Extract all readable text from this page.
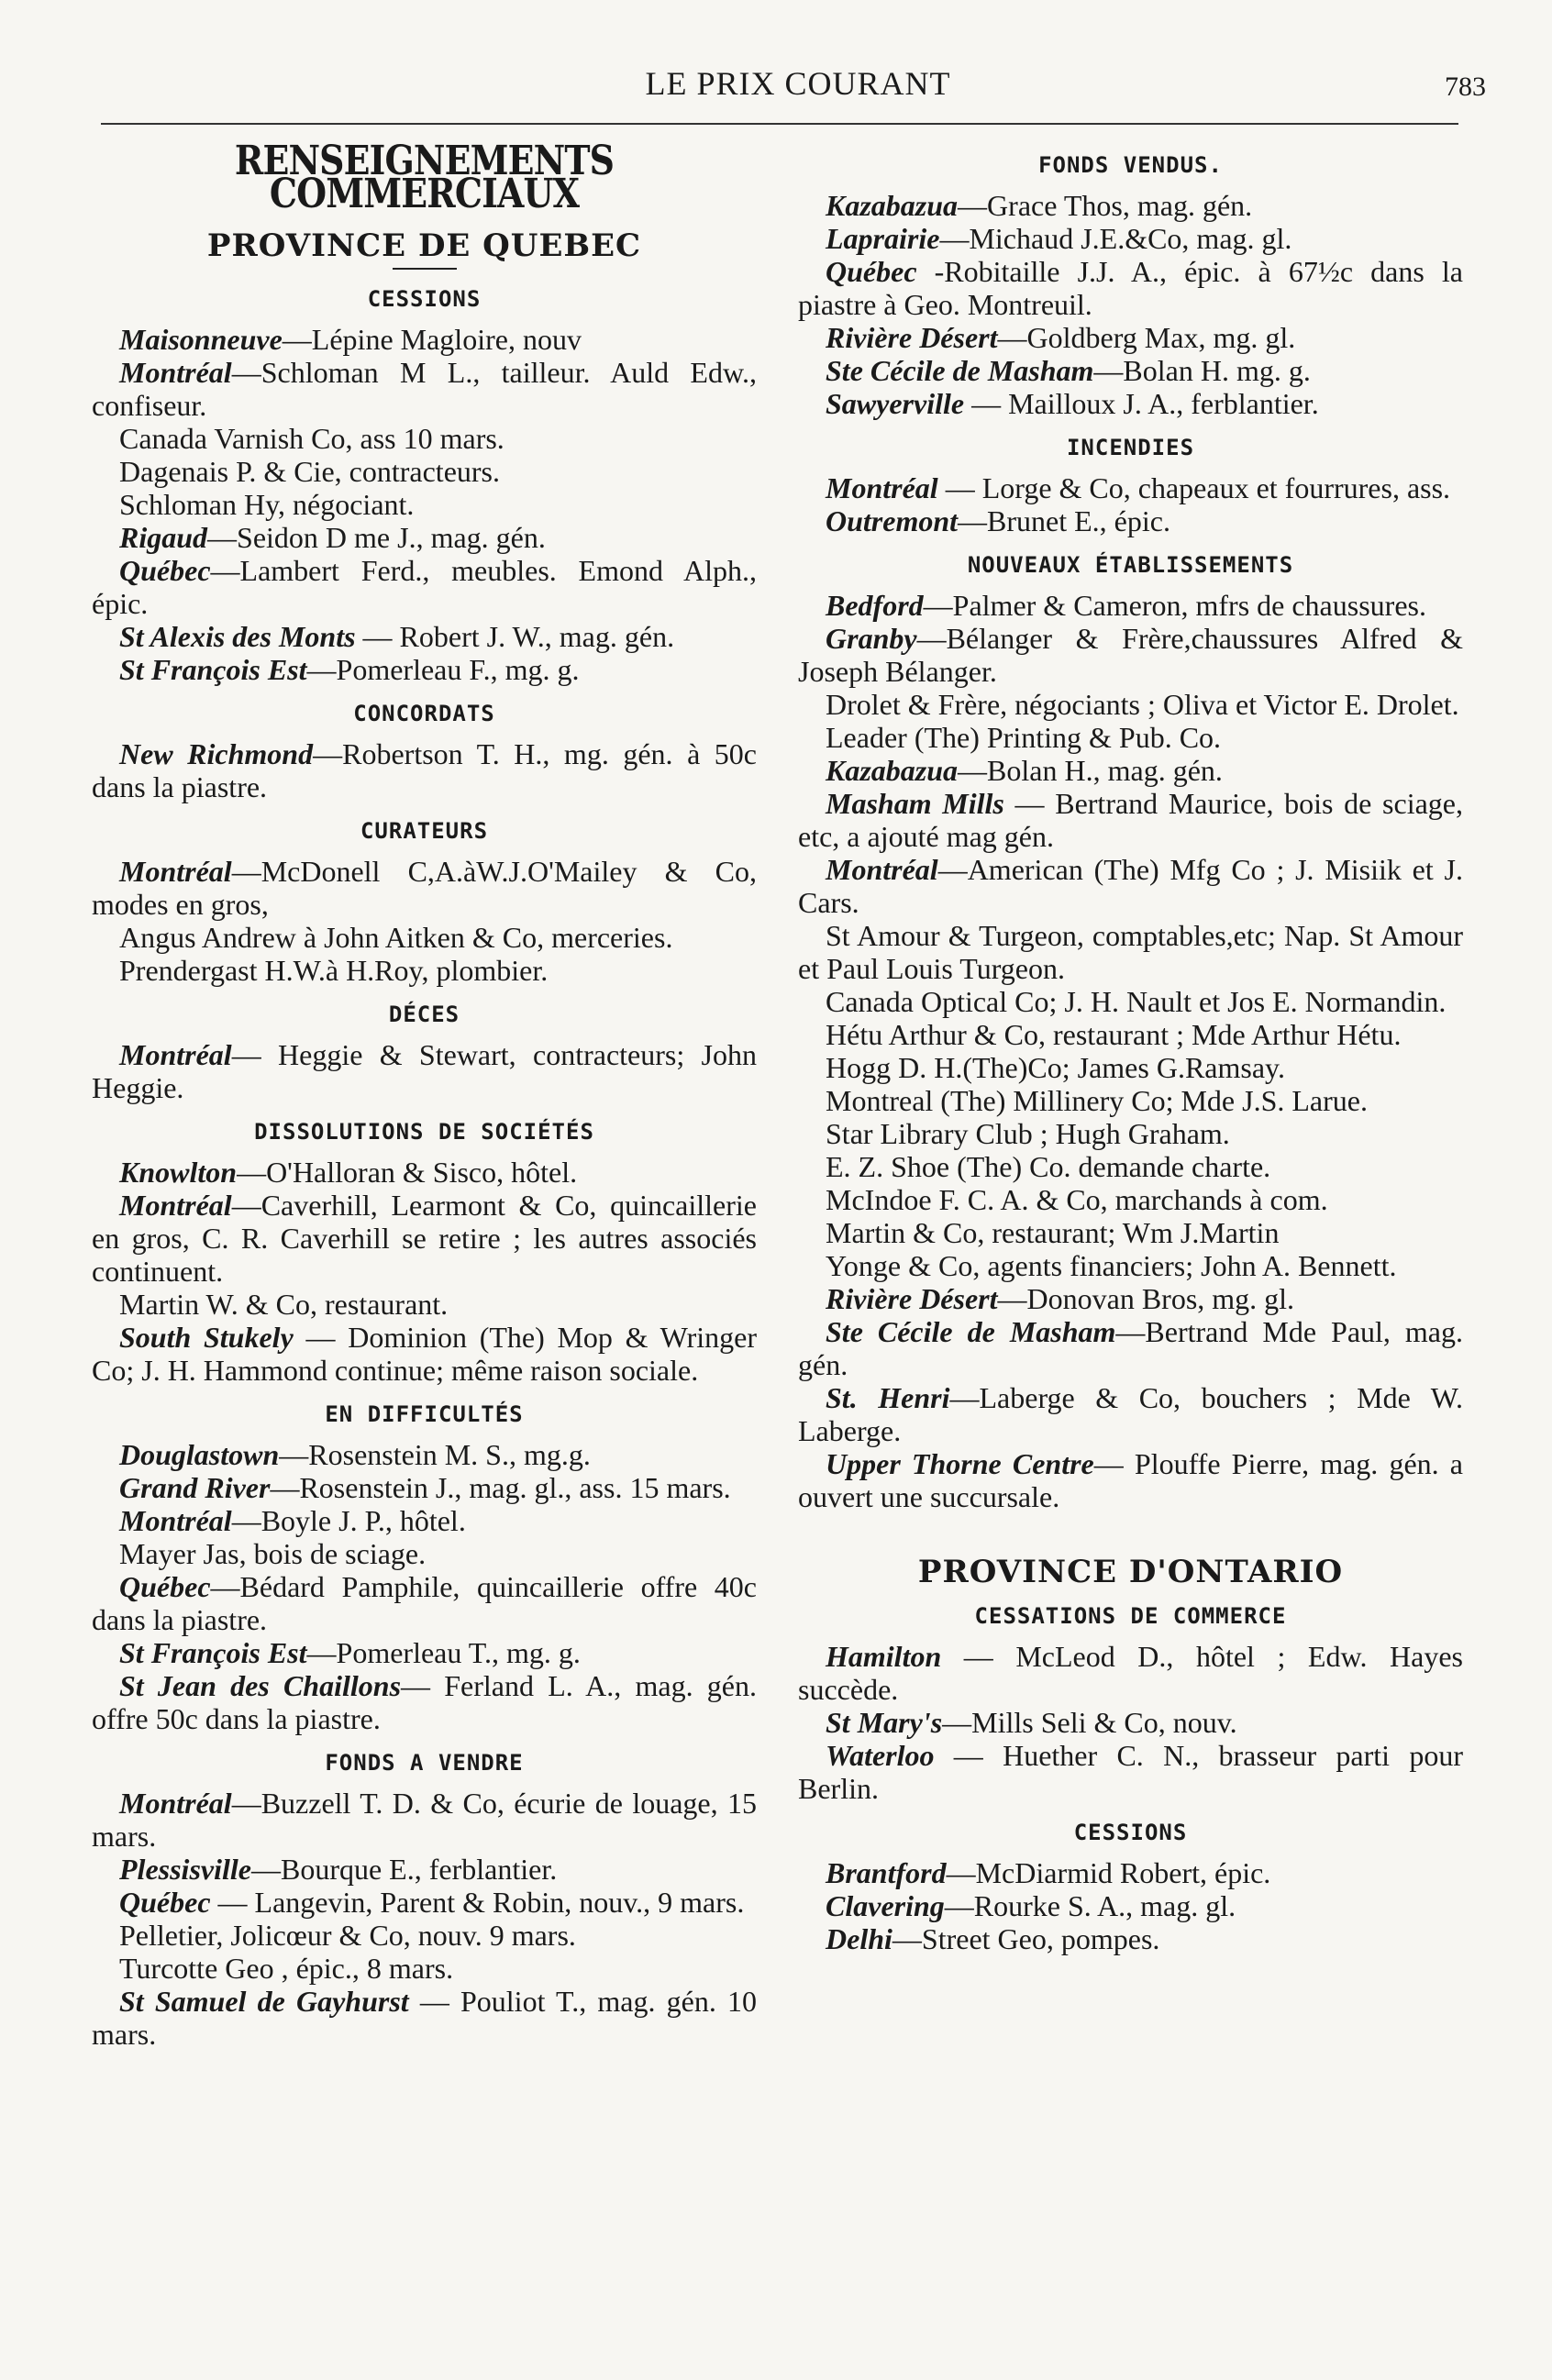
LE PRIX COURANT	783
RENSEIGNEMENTS COMMERCIAUX
PROVINCE DE QUEBEC
CESSIONS

Maisonneuve—Lépine Magloire, nouv

Montréal—Schloman M L., tailleur. Auld Edw., confiseur.

Canada Varnish Co, ass 10 mars.

Dagenais P. & Cie, contracteurs.

Schloman Hy, négociant.

Rigaud—Seidon D me J., mag. gén.

Québec—Lambert Ferd., meubles. Emond Alph., épic.

St Alexis des Monts — Robert J. W., mag. gén.

St François Est—Pomerleau F., mg. g.

CONCORDATS

New Richmond—Robertson T. H., mg. gén. à 50c dans la piastre.

CURATEURS

Montréal—McDonell C,A.àW.J.O'Mailey & Co, modes en gros,

Angus Andrew à John Aitken & Co, merceries.

Prendergast H.W.à H.Roy, plombier.

DÉCES

Montréal— Heggie & Stewart, contracteurs; John Heggie.

DISSOLUTIONS DE SOCIÉTÉS

Knowlton—O'Halloran & Sisco, hôtel.

Montréal—Caverhill, Learmont & Co, quincaillerie en gros, C. R. Caverhill se retire ; les autres associés continuent.

Martin W. & Co, restaurant.

South Stukely — Dominion (The) Mop & Wringer Co; J. H. Hammond continue; même raison sociale.

EN DIFFICULTÉS

Douglastown—Rosenstein M. S., mg.g.

Grand River—Rosenstein J., mag. gl., ass. 15 mars.

Montréal—Boyle J. P., hôtel.

Mayer Jas, bois de sciage.

Québec—Bédard Pamphile, quincaillerie offre 40c dans la piastre.

St François Est—Pomerleau T., mg. g.

St Jean des Chaillons— Ferland L. A., mag. gén. offre 50c dans la piastre.

FONDS A VENDRE

Montréal—Buzzell T. D. & Co, écurie de louage, 15 mars.

Plessisville—Bourque E., ferblantier.

Québec — Langevin, Parent & Robin, nouv., 9 mars.

Pelletier, Jolicœur & Co, nouv. 9 mars.

Turcotte Geo , épic., 8 mars.

St Samuel de Gayhurst — Pouliot T., mag. gén. 10 mars.

FONDS VENDUS.

Kazabazua—Grace Thos, mag. gén.

Laprairie—Michaud J.E.&Co, mag. gl.

Québec -Robitaille J.J. A., épic. à 67½c dans la piastre à Geo. Montreuil.

Rivière Désert—Goldberg Max, mg. gl.

Ste Cécile de Masham—Bolan H. mg. g.

Sawyerville — Mailloux J. A., ferblantier.

INCENDIES

Montréal — Lorge & Co, chapeaux et fourrures, ass.

Outremont—Brunet E., épic.

NOUVEAUX ÉTABLISSEMENTS

Bedford—Palmer & Cameron, mfrs de chaussures.

Granby—Bélanger & Frère,chaussures Alfred & Joseph Bélanger.

Drolet & Frère, négociants ; Oliva et Victor E. Drolet.

Leader (The) Printing & Pub. Co.

Kazabazua—Bolan H., mag. gén.

Masham Mills — Bertrand Maurice, bois de sciage, etc, a ajouté mag gén.

Montréal—American (The) Mfg Co ; J. Misiik et J. Cars.

St Amour & Turgeon, comptables,etc; Nap. St Amour et Paul Louis Turgeon.

Canada Optical Co; J. H. Nault et Jos E. Normandin.

Hétu Arthur & Co, restaurant ; Mde Arthur Hétu.

Hogg D. H.(The)Co; James G.Ramsay.

Montreal (The) Millinery Co; Mde J.S. Larue.

Star Library Club ; Hugh Graham.

E. Z. Shoe (The) Co. demande charte.

McIndoe F. C. A. & Co, marchands à com.

Martin & Co, restaurant; Wm J.Martin

Yonge & Co, agents financiers; John A. Bennett.

Rivière Désert—Donovan Bros, mg. gl.

Ste Cécile de Masham—Bertrand Mde Paul, mag. gén.

St. Henri—Laberge & Co, bouchers ; Mde W. Laberge.

Upper Thorne Centre— Plouffe Pierre, mag. gén. a ouvert une succursale.

PROVINCE D'ONTARIO
CESSATIONS DE COMMERCE

Hamilton — McLeod D., hôtel ; Edw. Hayes succède.

St Mary's—Mills Seli & Co, nouv.

Waterloo — Huether C. N., brasseur parti pour Berlin.

CESSIONS

Brantford—McDiarmid Robert, épic.

Clavering—Rourke S. A., mag. gl.

Delhi—Street Geo, pompes.
